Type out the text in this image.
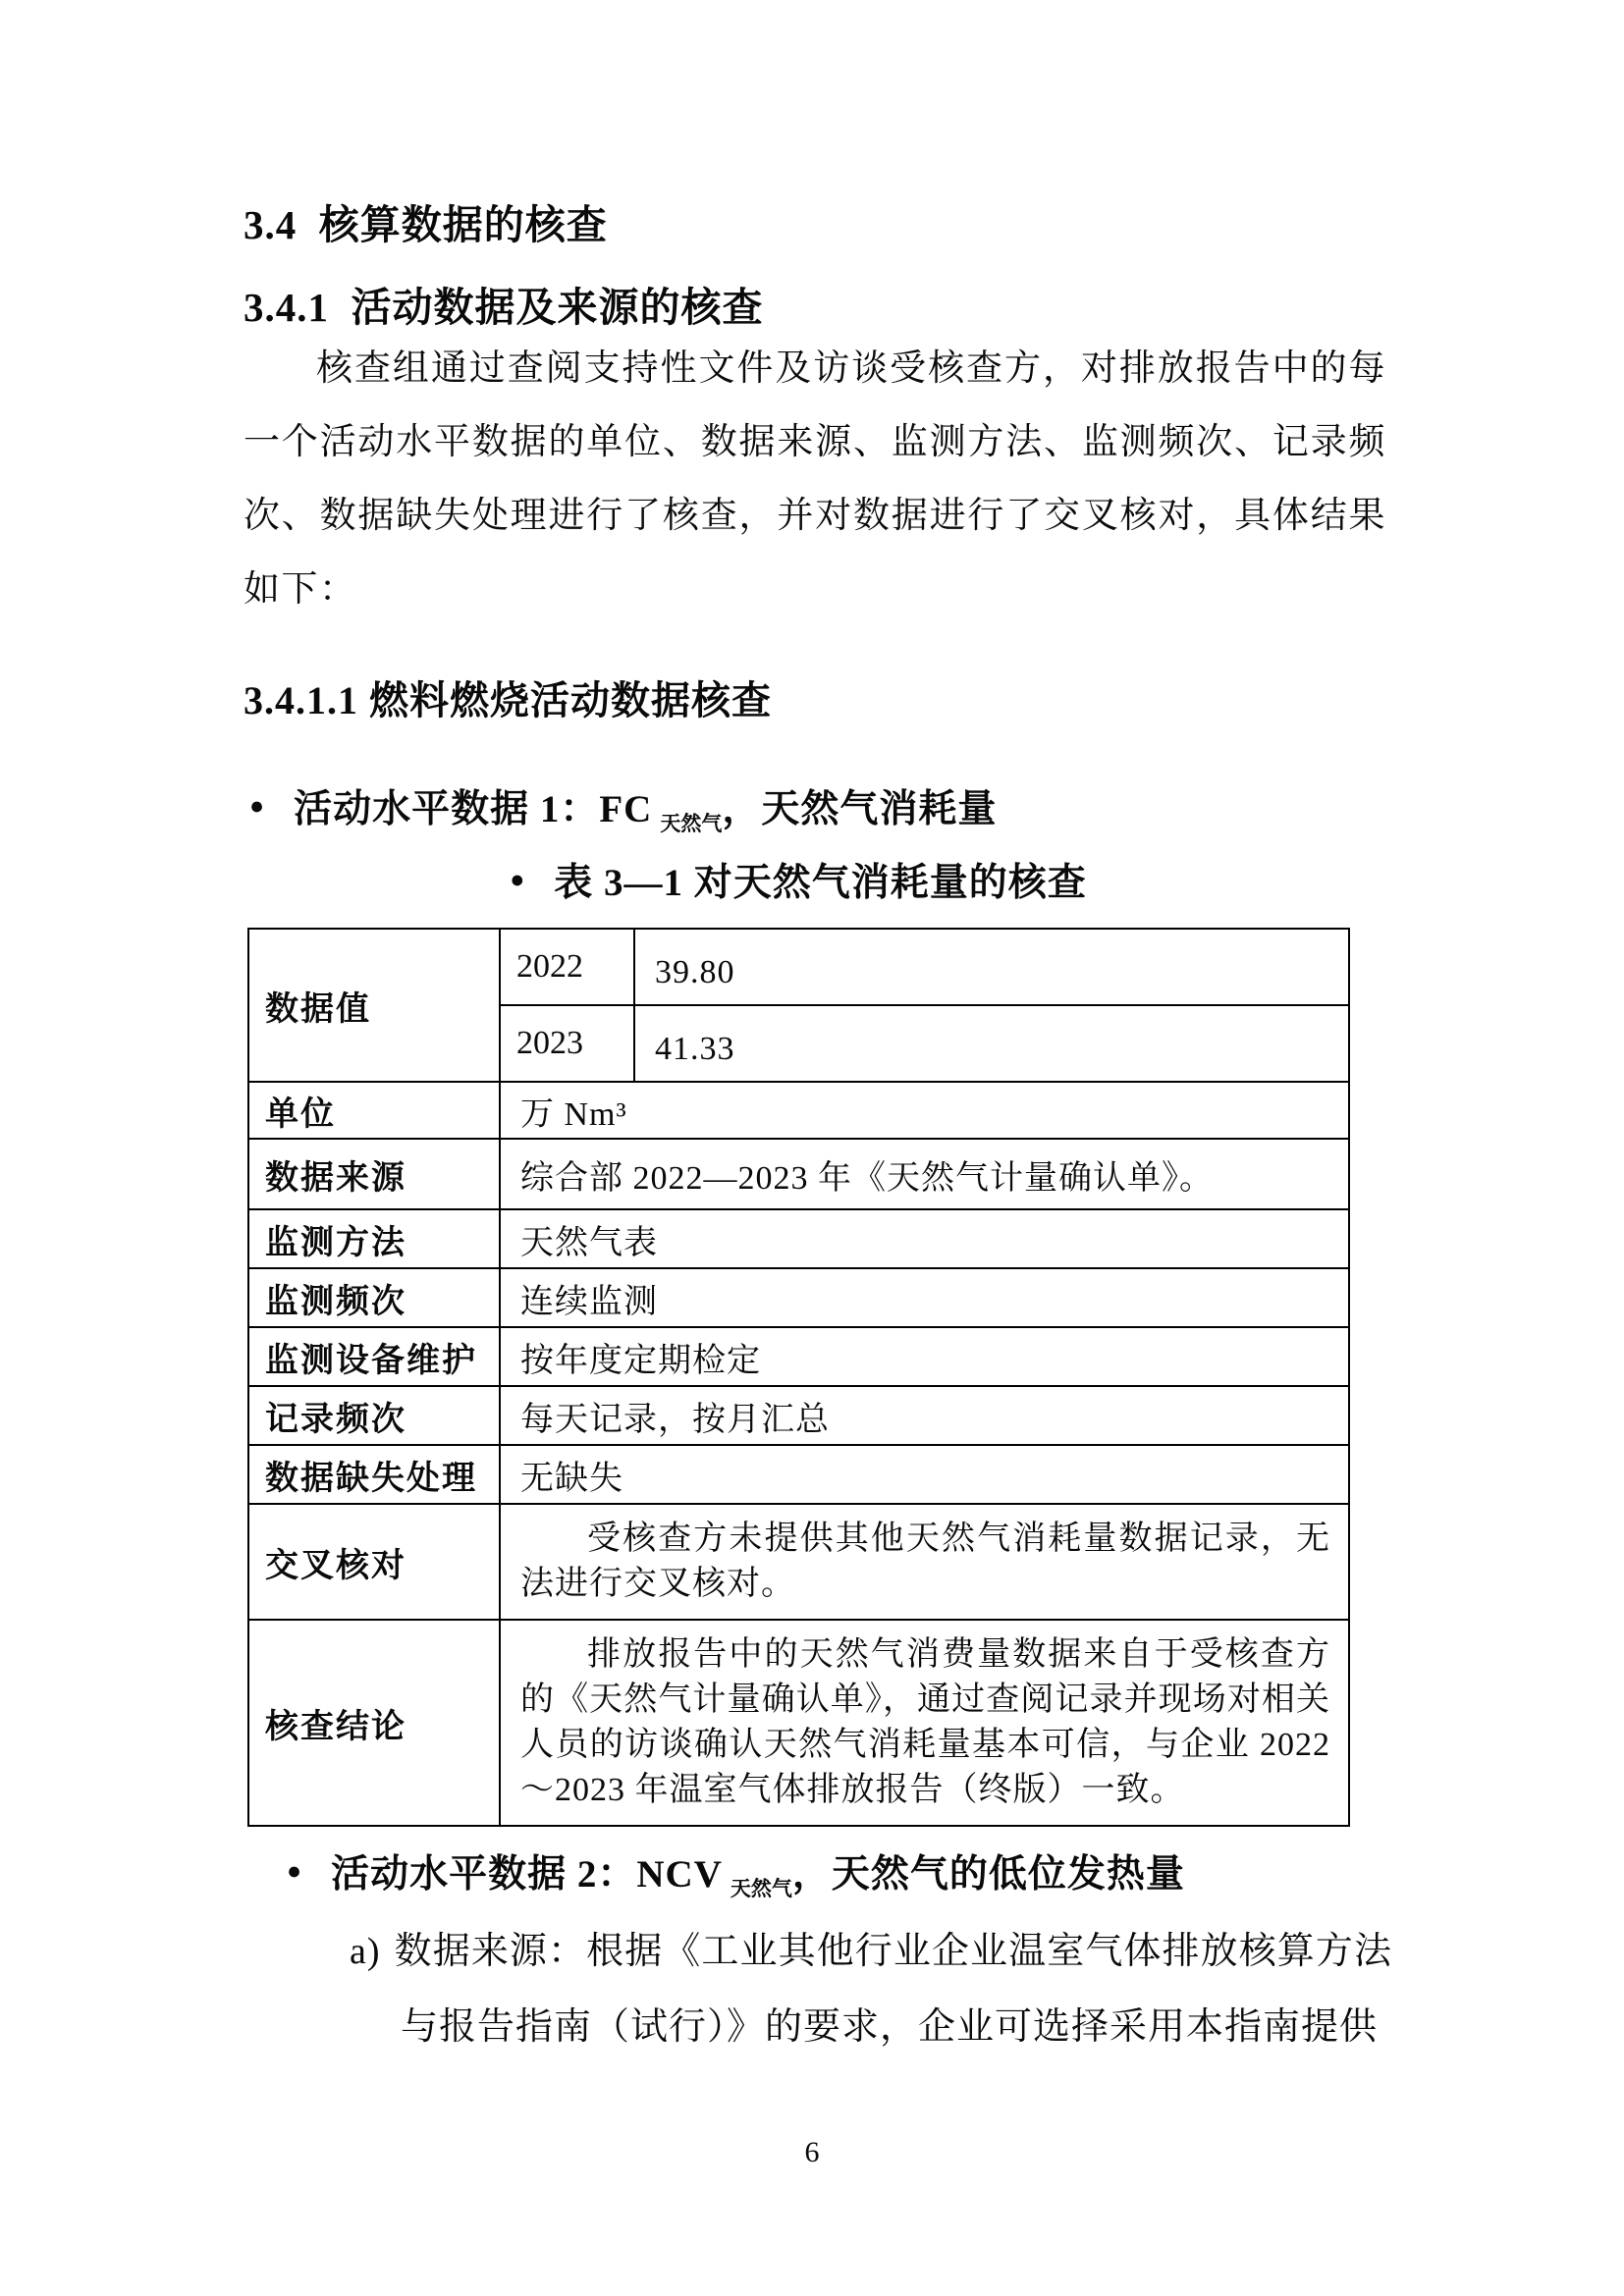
3.4  核算数据的核查
3.4.1  活动数据及来源的核查
核查组通过查阅支持性文件及访谈受核查方，对排放报告中的每一个活动水平数据的单位、数据来源、监测方法、监测频次、记录频次、数据缺失处理进行了核查，并对数据进行了交叉核对，具体结果如下：
3.4.1.1 燃料燃烧活动数据核查
● 活动水平数据 1：FC $_{天然气}$，天然气消耗量
● 表 3—1 对天然气消耗量的核查
数据值	2022	39.80
	2023	41.33
单位	万 Nm³	
数据来源	综合部 2022—2023 年《天然气计量确认单》。	
监测方法	天然气表	
监测频次	连续监测	
监测设备维护	按年度定期检定	
记录频次	每天记录，按月汇总	
数据缺失处理	无缺失	
交叉核对	受核查方未提供其他天然气消耗量数据记录，无法进行交叉核对。	
核查结论	排放报告中的天然气消费量数据来自于受核查方的《天然气计量确认单》，通过查阅记录并现场对相关人员的访谈确认天然气消耗量基本可信，与企业 2022～2023 年温室气体排放报告（终版）一致。	
● 活动水平数据 2：NCV $_{天然气}$，天然气的低位发热量
a) 数据来源：根据《工业其他行业企业温室气体排放核算方法与报告指南（试行）》的要求，企业可选择采用本指南提供
6
